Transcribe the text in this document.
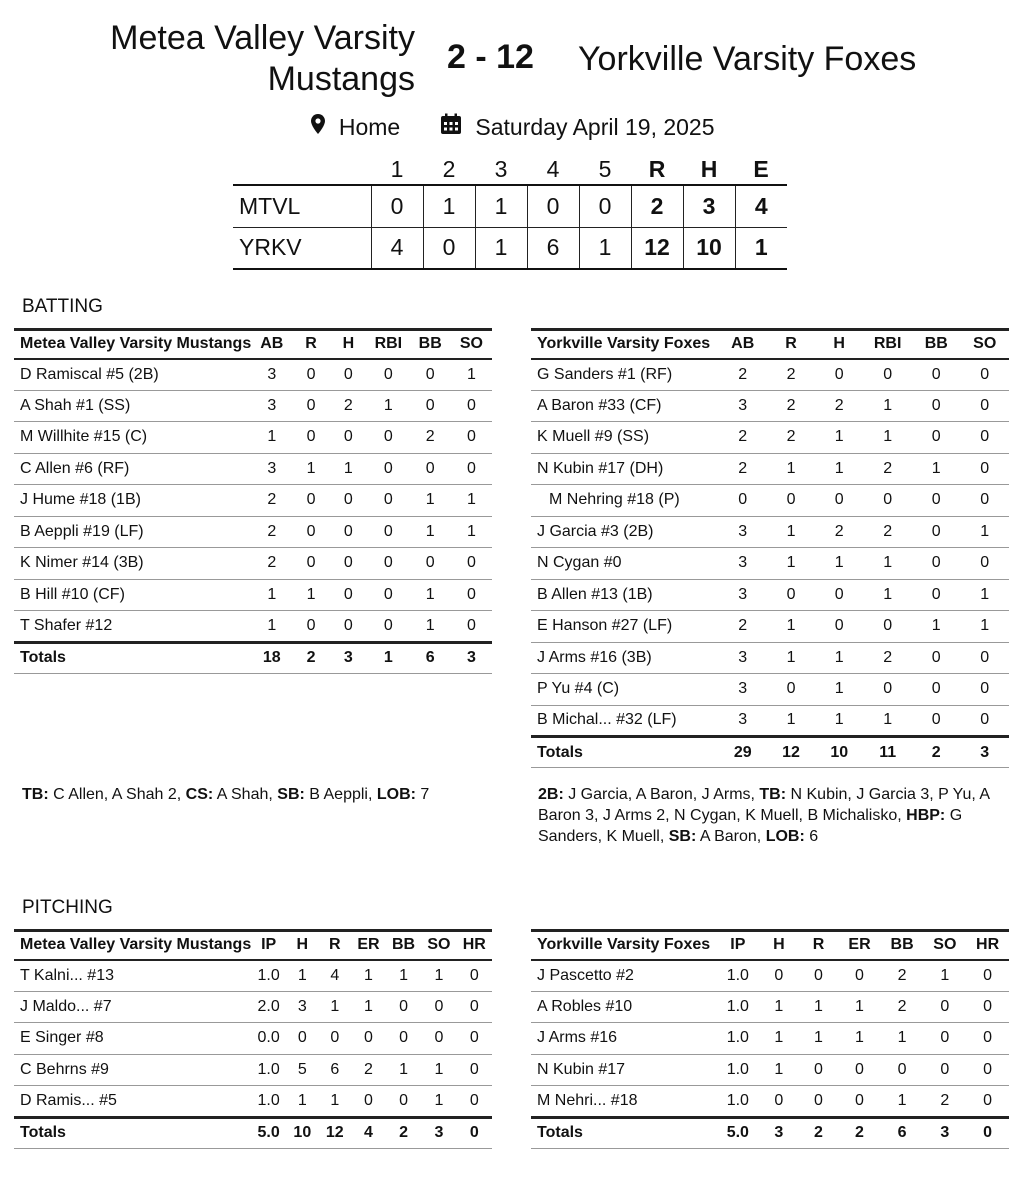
Metea Valley Varsity
Mustangs
2 - 12 Yorkville Varsity Foxes
Home	Saturday April 19, 2025
	1	2	3	4	5	R	H	E
MTVL	0	1	1	0	0	2	3	4
YRKV	4	0	1	6	1	12	10	1
BATTING
Metea Valley Varsity Mustangs	AB	R	H	RBI	BB	SO
D Ramiscal #5 (2B)	3	0	0	0	0	1
A Shah #1 (SS)	3	0	2	1	0	0
M Willhite #15 (C)	1	0	0	0	2	0
C Allen #6 (RF)	3	1	1	0	0	0
J Hume #18 (1B)	2	0	0	0	1	1
B Aeppli #19 (LF)	2	0	0	0	1	1
K Nimer #14 (3B)	2	0	0	0	0	0
B Hill #10 (CF)	1	1	0	0	1	0
T Shafer #12	1	0	0	0	1	0
Totals	18	2	3	1	6	3
Yorkville Varsity Foxes	AB	R	H	RBI	BB	SO
G Sanders #1 (RF)	2	2	0	0	0	0
A Baron #33 (CF)	3	2	2	1	0	0
K Muell #9 (SS)	2	2	1	1	0	0
N Kubin #17 (DH)	2	1	1	2	1	0
M Nehring #18 (P)	0	0	0	0	0	0
J Garcia #3 (2B)	3	1	2	2	0	1
N Cygan #0	3	1	1	1	0	0
B Allen #13 (1B)	3	0	0	1	0	1
E Hanson #27 (LF)	2	1	0	0	1	1
J Arms #16 (3B)	3	1	1	2	0	0
P Yu #4 (C)	3	0	1	0	0	0
B Michal... #32 (LF)	3	1	1	1	0	0
Totals	29	12	10	11	2	3
TB: C Allen, A Shah 2, CS: A Shah, SB: B Aeppli, LOB: 7	2B: J Garcia, A Baron, J Arms, TB: N Kubin, J Garcia 3, P Yu, A Baron 3, J Arms 2, N Cygan, K Muell, B Michalisko, HBP: G Sanders, K Muell, SB: A Baron, LOB: 6
PITCHING
Metea Valley Varsity Mustangs	IP	H	R	ER	BB	SO	HR
T Kalni... #13	1.0	1	4	1	1	1	0
J Maldo... #7	2.0	3	1	1	0	0	0
E Singer #8	0.0	0	0	0	0	0	0
C Behrns #9	1.0	5	6	2	1	1	0
D Ramis... #5	1.0	1	1	0	0	1	0
Totals	5.0	10	12	4	2	3	0
Yorkville Varsity Foxes	IP	H	R	ER	BB	SO	HR
J Pascetto #2	1.0	0	0	0	2	1	0
A Robles #10	1.0	1	1	1	2	0	0
J Arms #16	1.0	1	1	1	1	0	0
N Kubin #17	1.0	1	0	0	0	0	0
M Nehri... #18	1.0	0	0	0	1	2	0
Totals	5.0	3	2	2	6	3	0
